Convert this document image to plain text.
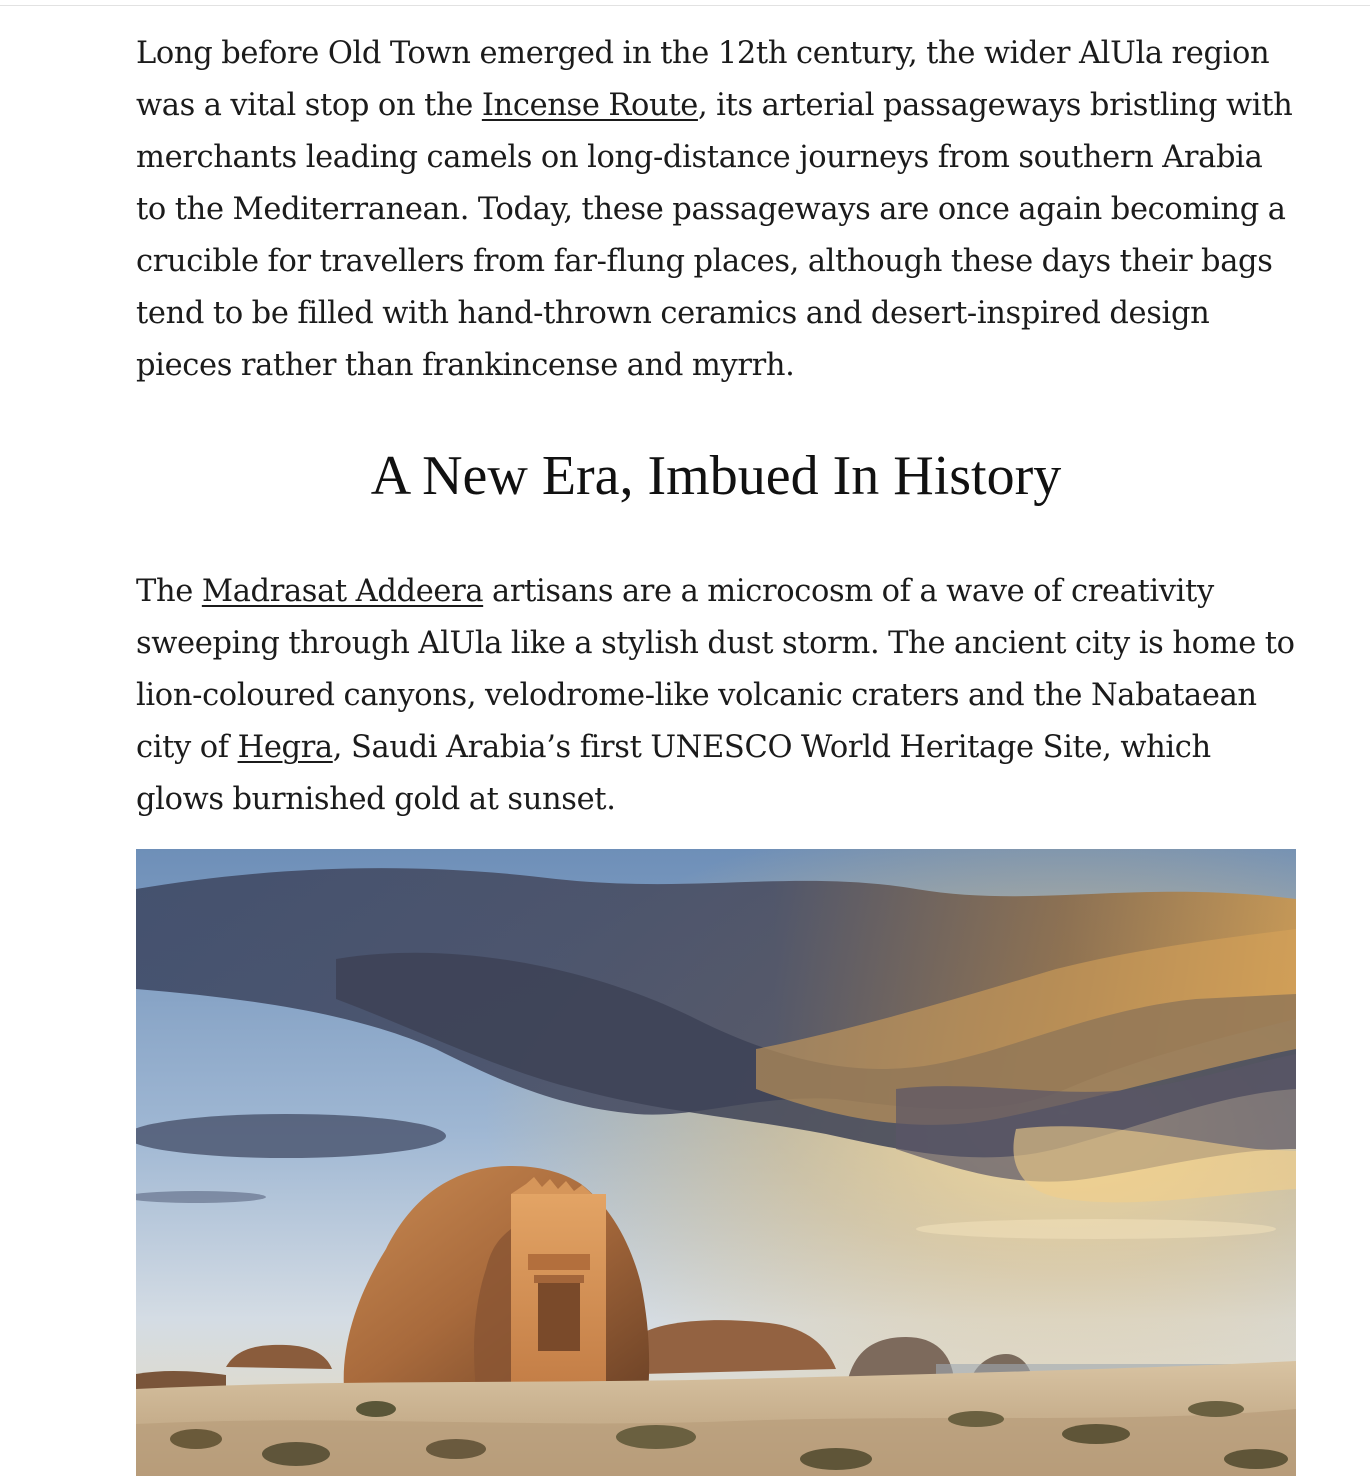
Long before Old Town emerged in the 12th century, the wider AlUla region was a vital stop on the Incense Route, its arterial passageways bristling with merchants leading camels on long-distance journeys from southern Arabia to the Mediterranean. Today, these passageways are once again becoming a crucible for travellers from far-flung places, although these days their bags tend to be filled with hand-thrown ceramics and desert-inspired design pieces rather than frankincense and myrrh.

A New Era, Imbued In History

The Madrasat Addeera artisans are a microcosm of a wave of creativity sweeping through AlUla like a stylish dust storm. The ancient city is home to lion-coloured canyons, velodrome-like volcanic craters and the Nabataean city of Hegra, Saudi Arabia’s first UNESCO World Heritage Site, which glows burnished gold at sunset.
